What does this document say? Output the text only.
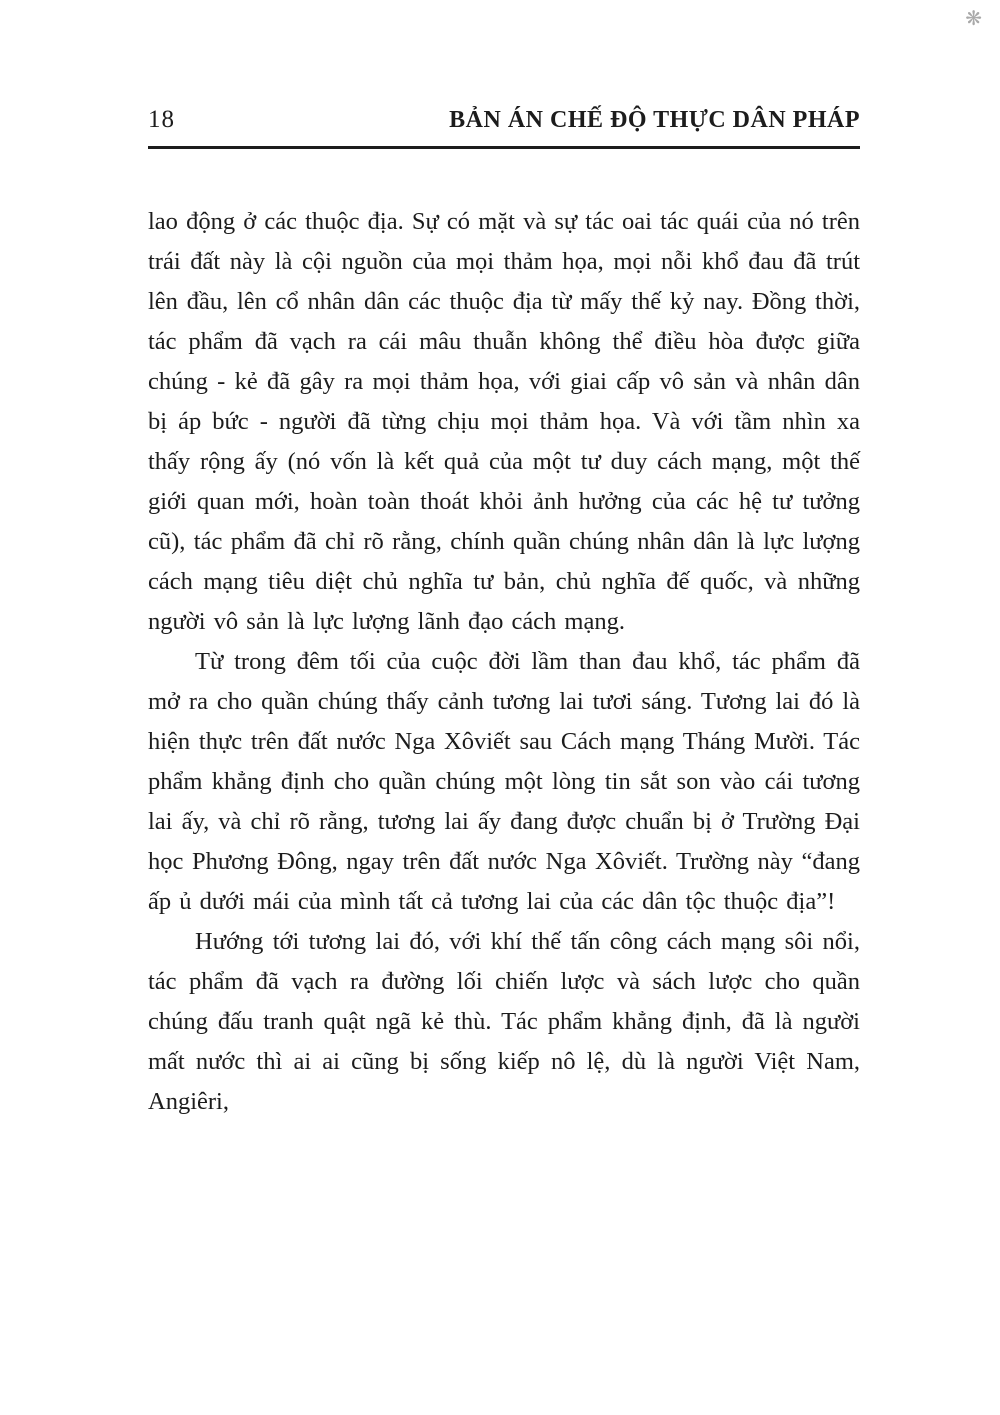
❋
18	BẢN ÁN CHẾ ĐỘ THỰC DÂN PHÁP

lao động ở các thuộc địa. Sự có mặt và sự tác oai tác quái của nó trên trái đất này là cội nguồn của mọi thảm họa, mọi nỗi khổ đau đã trút lên đầu, lên cổ nhân dân các thuộc địa từ mấy thế kỷ nay. Đồng thời, tác phẩm đã vạch ra cái mâu thuẫn không thể điều hòa được giữa chúng - kẻ đã gây ra mọi thảm họa, với giai cấp vô sản và nhân dân bị áp bức - người đã từng chịu mọi thảm họa. Và với tầm nhìn xa thấy rộng ấy (nó vốn là kết quả của một tư duy cách mạng, một thế giới quan mới, hoàn toàn thoát khỏi ảnh hưởng của các hệ tư tưởng cũ), tác phẩm đã chỉ rõ rằng, chính quần chúng nhân dân là lực lượng cách mạng tiêu diệt chủ nghĩa tư bản, chủ nghĩa đế quốc, và những người vô sản là lực lượng lãnh đạo cách mạng.

Từ trong đêm tối của cuộc đời lầm than đau khổ, tác phẩm đã mở ra cho quần chúng thấy cảnh tương lai tươi sáng. Tương lai đó là hiện thực trên đất nước Nga Xôviết sau Cách mạng Tháng Mười. Tác phẩm khẳng định cho quần chúng một lòng tin sắt son vào cái tương lai ấy, và chỉ rõ rằng, tương lai ấy đang được chuẩn bị ở Trường Đại học Phương Đông, ngay trên đất nước Nga Xôviết. Trường này “đang ấp ủ dưới mái của mình tất cả tương lai của các dân tộc thuộc địa”!

Hướng tới tương lai đó, với khí thế tấn công cách mạng sôi nổi, tác phẩm đã vạch ra đường lối chiến lược và sách lược cho quần chúng đấu tranh quật ngã kẻ thù. Tác phẩm khẳng định, đã là người mất nước thì ai ai cũng bị sống kiếp nô lệ, dù là người Việt Nam, Angiêri,
